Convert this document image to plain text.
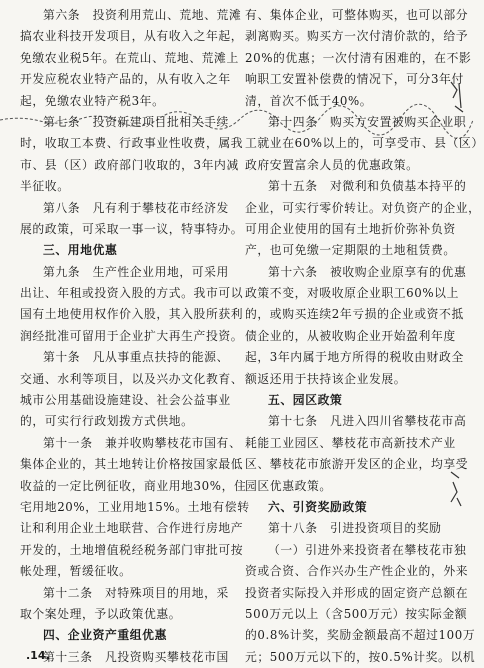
第六条　投资利用荒山、荒地、荒滩
搞农业科技开发项目，从有收入之年起，
免缴农业税5年。在荒山、荒地、荒滩上
开发应税农业特产品的，从有收入之年
起，免缴农业特产税3年。
第七条　投资新建项目批相关手续
时，收取工本费、行政事业性收费，属我
市、县（区）政府部门收取的，3年内减
半征收。
第八条　凡有利于攀枝花市经济发
展的政策，可采取一事一议，特事特办。
三、用地优惠
第九条　生产性企业用地，可采用
出让、年租或投资入股的方式。我市可以
国有土地使用权作价入股，其入股所获利
润经批准可留用于企业扩大再生产投资。
第十条　凡从事重点扶持的能源、
交通、水利等项目，以及兴办文化教育、
城市公用基础设施建设、社会公益事业
的，可实行行政划拨方式供地。
第十一条　兼并收购攀枝花市国有、
集体企业的，其土地转让价格按国家最低
收益的一定比例征收，商业用地30%，住
宅用地20%，工业用地15%。土地有偿转
让和利用企业土地联营、合作进行房地产
开发的，土地增值税经税务部门审批可按
帐处理，暂缓征收。
第十二条　对特殊项目的用地，采
取个案处理，予以政策优惠。
四、企业资产重组优惠
第十三条　凡投资购买攀枝花市国
有、集体企业，可整体购买，也可以部分
剥离购买。购买方一次付清价款的，给予
20%的优惠；一次付清有困难的，在不影
响职工安置补偿费的情况下，可分3年付
清，首次不低于40%。
第十四条　购买方安置被购买企业职
工就业在60%以上的，可享受市、县（区）
政府安置富余人员的优惠政策。
第十五条　对微利和负债基本持平的
企业，可实行零价转让。对负资产的企业，
可用企业使用的国有土地折价弥补负资
产，也可免缴一定期限的土地租赁费。
第十六条　被收购企业原享有的优惠
政策不变，对吸收原企业职工60%以上
的，或购买连续2年亏损的企业或资不抵
债企业的，从被收购企业开始盈利年度
起，3年内属于地方所得的税收由财政全
额返还用于扶持该企业发展。
五、园区政策
第十七条　凡进入四川省攀枝花市高
耗能工业园区、攀枝花市高新技术产业
区、攀枝花市旅游开发区的企业，均享受
园区优惠政策。
六、引资奖励政策
第十八条　引进投资项目的奖励
（一）引进外来投资者在攀枝花市独
资或合资、合作兴办生产性企业的，外来
投资者实际投入并形成的固定资产总额在
500万元以上（含500万元）按实际金额
的0.8%计奖，奖励金额最高不超过100万
元；500万元以下的，按0.5%计奖。以机
.14.
